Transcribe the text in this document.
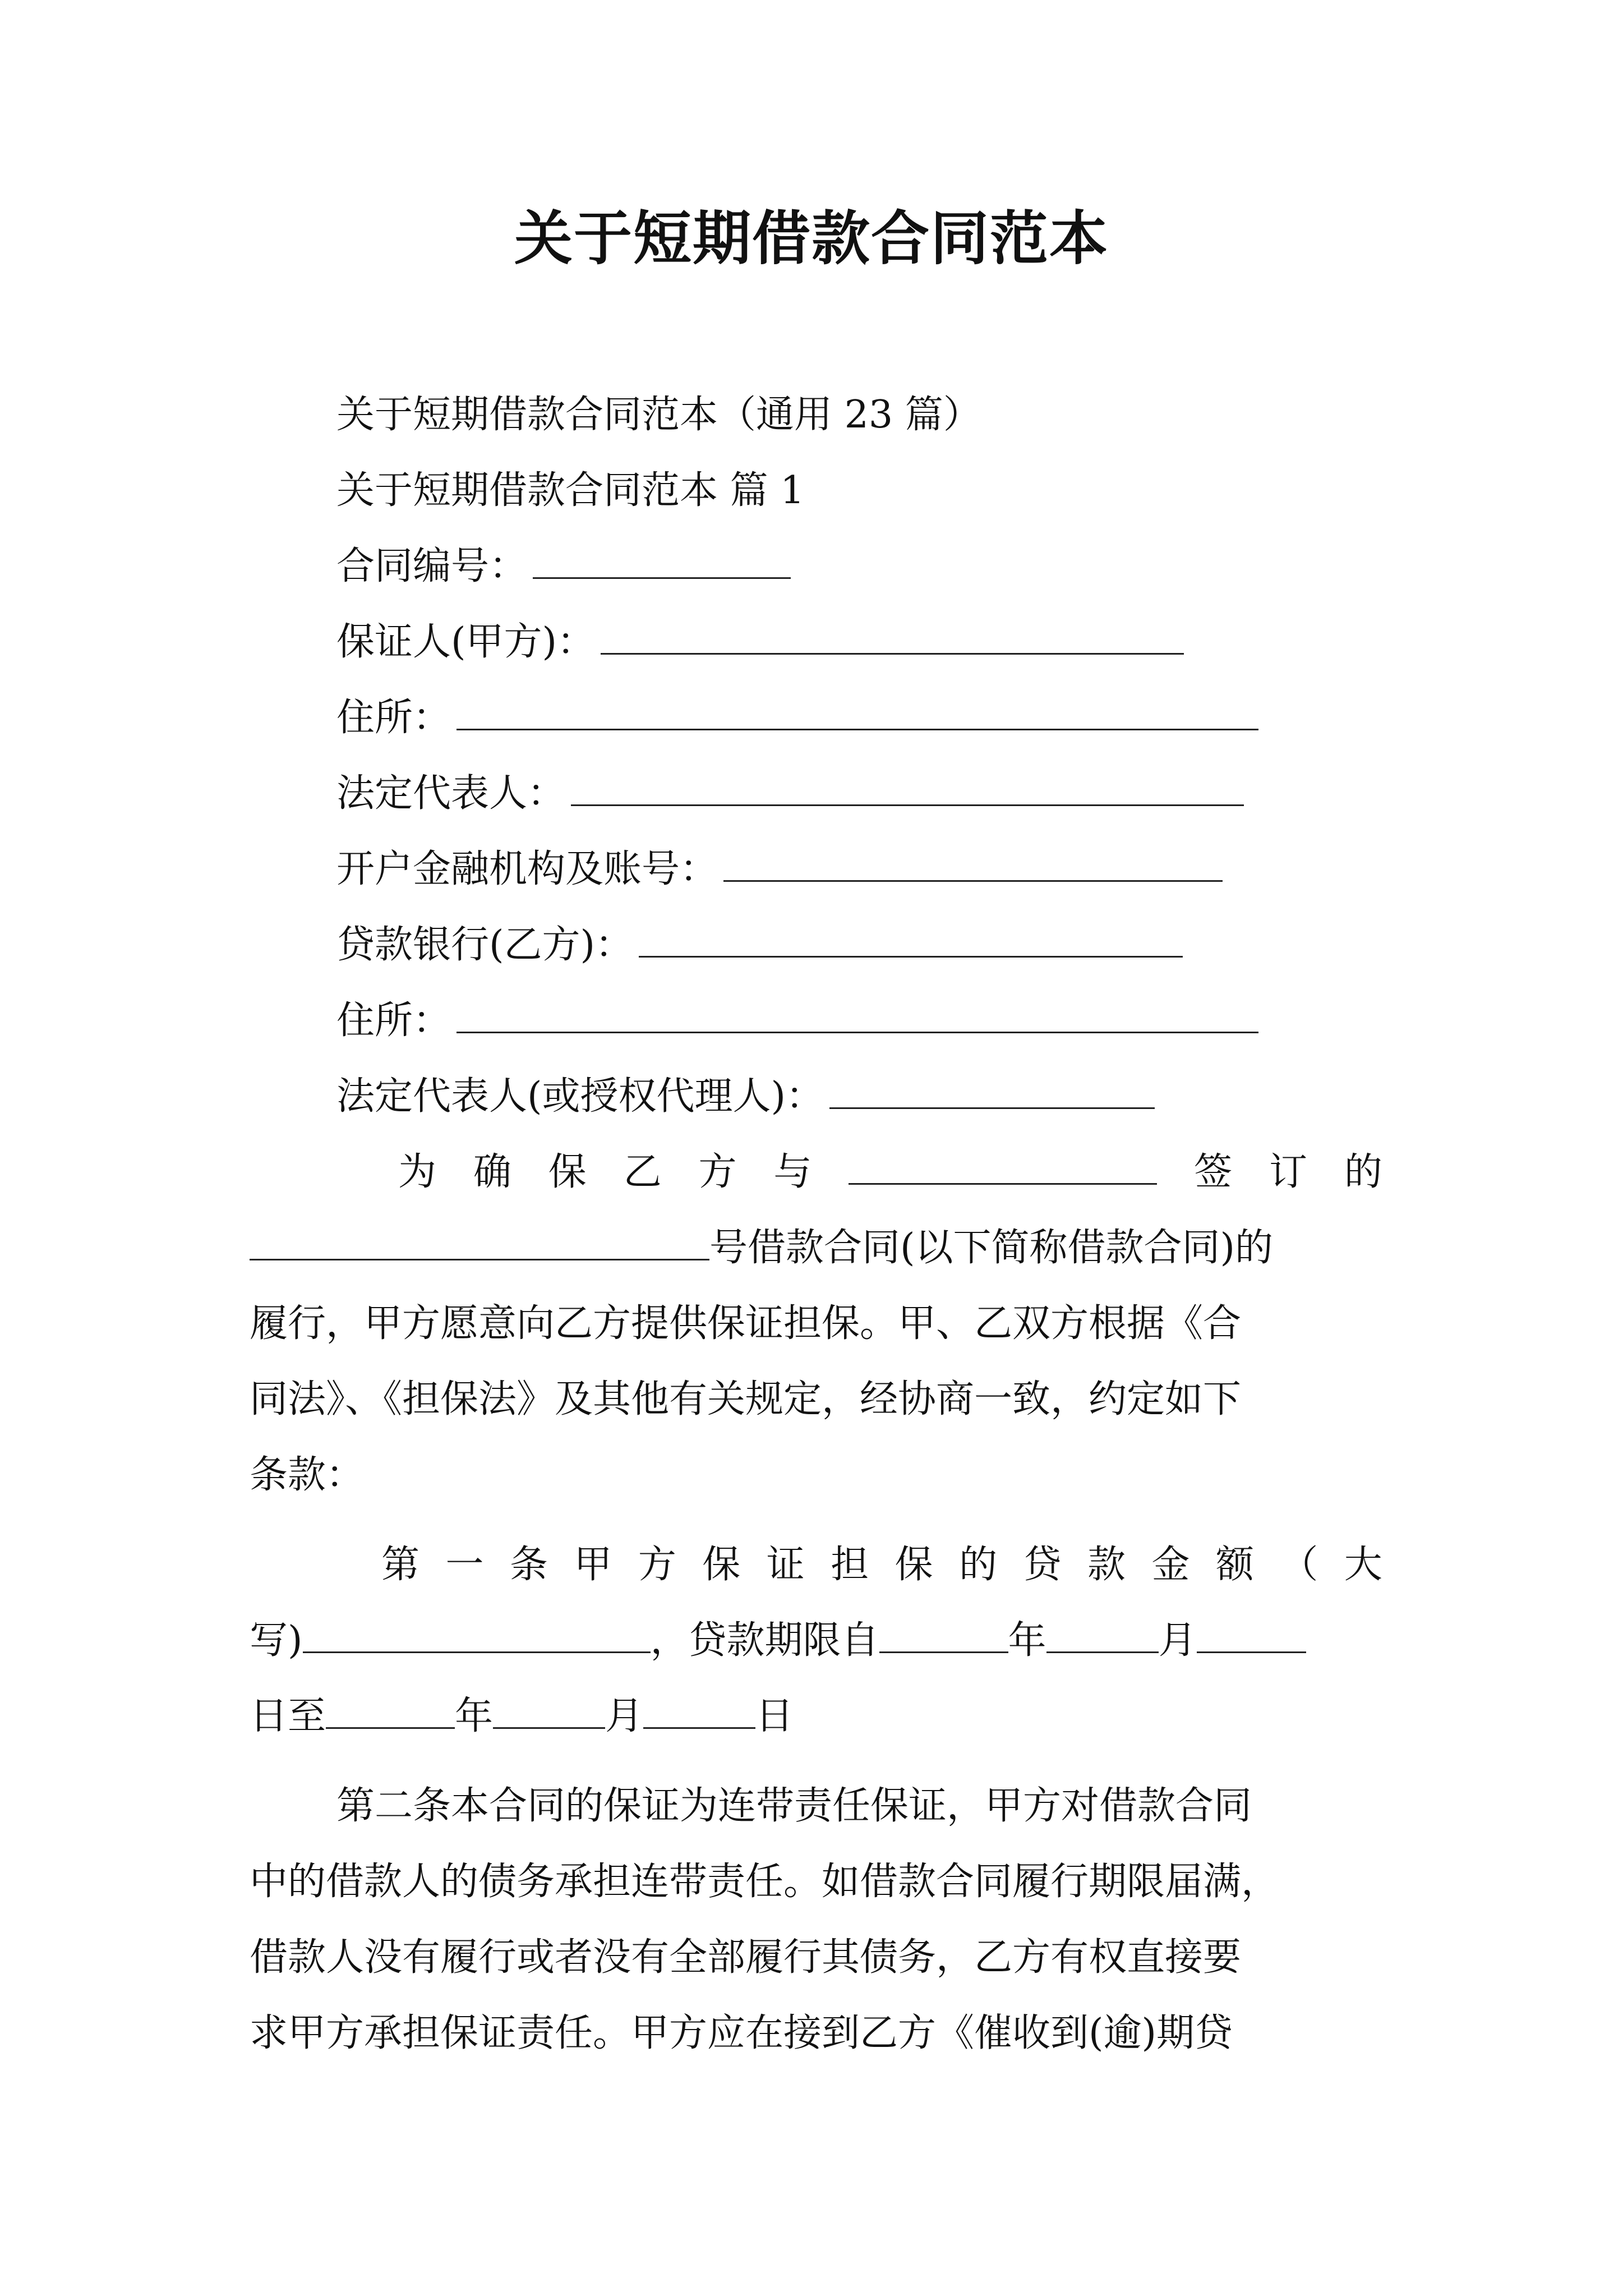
关于短期借款合同范本
关于短期借款合同范本（通用 23 篇）
关于短期借款合同范本 篇 1
合同编号：
保证人(甲方)：
住所：
法定代表人：
开户金融机构及账号：
贷款银行(乙方)：
住所：
法定代表人(或授权代理人)：
为 确 保 乙 方 与	签 订 的
号借款合同(以下简称借款合同)的
履行，甲方愿意向乙方提供保证担保。甲、乙双方根据《合
同法》、《担保法》及其他有关规定，经协商一致，约定如下
条款：
第 一 条 甲 方 保 证 担 保 的 贷 款 金 额 （ 大
写)	，贷款期限自	年	月
日至	年	月	日
第二条本合同的保证为连带责任保证，甲方对借款合同
中的借款人的债务承担连带责任。如借款合同履行期限届满，
借款人没有履行或者没有全部履行其债务，乙方有权直接要
求甲方承担保证责任。甲方应在接到乙方《催收到(逾)期贷
